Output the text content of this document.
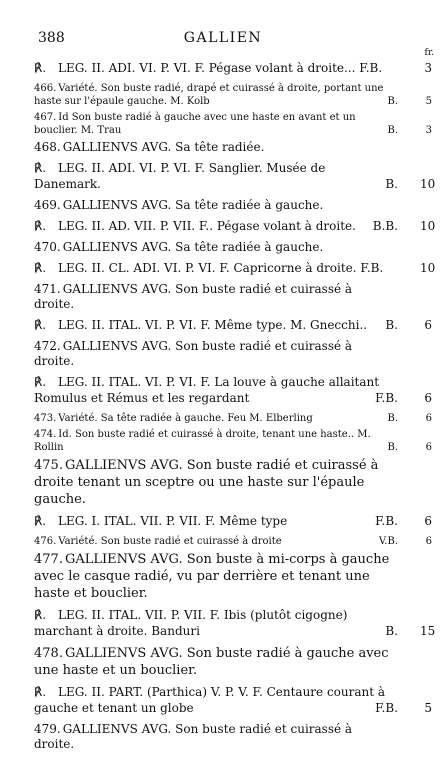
388	GALLIEN
fr.
℟. LEG. II. ADI. VI. P. VI. F. Pégase volant à droite... F.B.	3
466. Variété. Son buste radié, drapé et cuirassé à droite, portant une haste sur l'épaule gauche. M. Kolb	B.	5
467. Id Son buste radié à gauche avec une haste en avant et un bouclier. M. Trau	B.	3
468. GALLIENVS AVG. Sa tête radiée.
℟. LEG. II. ADI. VI. P. VI. F. Sanglier. Musée de Danemark.	B. 10
469. GALLIENVS AVG. Sa tête radiée à gauche.
℟. LEG. II. AD. VII. P. VII. F.. Pégase volant à droite.	B.B. 10
470. GALLIENVS AVG. Sa tête radiée à gauche.
℟. LEG. II. CL. ADI. VI. P. VI. F. Capricorne à droite. F.B.	10
471. GALLIENVS AVG. Son buste radié et cuirassé à droite.
℟. LEG. II. ITAL. VI. P. VI. F. Même type. M. Gnecchi..	B.	6
472. GALLIENVS AVG. Son buste radié et cuirassé à droite.
℟. LEG. II. ITAL. VI. P. VI. F. La louve à gauche allaitant Romulus et Rémus et les regardant	F.B.	6
473. Variété. Sa tête radiée à gauche. Feu M. Elberling	B.	6
474. Id. Son buste radié et cuirassé à droite, tenant une haste.. M. Rollin	B.	6
475. GALLIENVS AVG. Son buste radié et cuirassé à droite tenant un sceptre ou une haste sur l'épaule gauche.
℟. LEG. I. ITAL. VII. P. VII. F. Même type	F.B.	6
476. Variété. Son buste radié et cuirassé à droite	V.B.	6
477. GALLIENVS AVG. Son buste à mi-corps à gauche avec le casque radié, vu par derrière et tenant une haste et bouclier.
℟. LEG. II. ITAL. VII. P. VII. F. Ibis (plutôt cigogne) marchant à droite. Banduri	B. 15
478. GALLIENVS AVG. Son buste radié à gauche avec une haste et un bouclier.
℟. LEG. II. PART. (Parthica) V. P. V. F. Centaure courant à gauche et tenant un globe	F.B.	5
479. GALLIENVS AVG. Son buste radié et cuirassé à droite.
